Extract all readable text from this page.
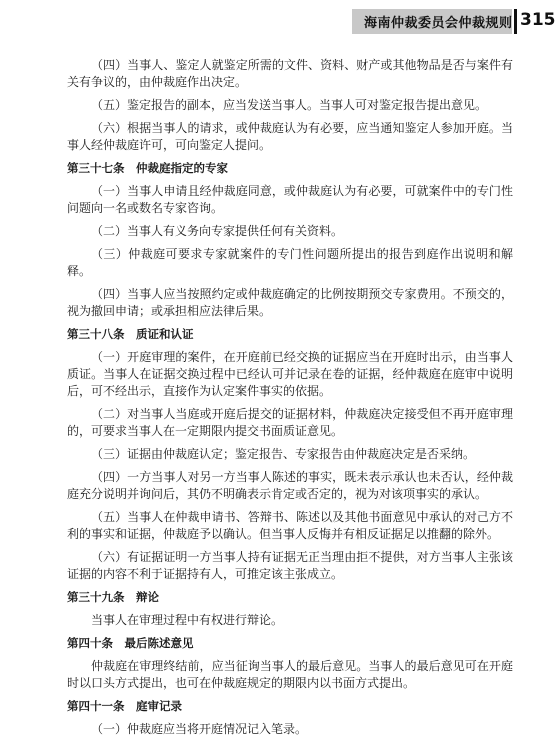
海南仲裁委员会仲裁规则 315

（四）当事人、鉴定人就鉴定所需的文件、资料、财产或其他物品是否与案件有关有争议的，由仲裁庭作出决定。

（五）鉴定报告的副本，应当发送当事人。当事人可对鉴定报告提出意见。

（六）根据当事人的请求，或仲裁庭认为有必要，应当通知鉴定人参加开庭。当事人经仲裁庭许可，可向鉴定人提问。

第三十七条　仲裁庭指定的专家

（一）当事人申请且经仲裁庭同意，或仲裁庭认为有必要，可就案件中的专门性问题向一名或数名专家咨询。

（二）当事人有义务向专家提供任何有关资料。

（三）仲裁庭可要求专家就案件的专门性问题所提出的报告到庭作出说明和解释。

（四）当事人应当按照约定或仲裁庭确定的比例按期预交专家费用。不预交的，视为撤回申请；或承担相应法律后果。

第三十八条　质证和认证

（一）开庭审理的案件，在开庭前已经交换的证据应当在开庭时出示，由当事人质证。当事人在证据交换过程中已经认可并记录在卷的证据，经仲裁庭在庭审中说明后，可不经出示，直接作为认定案件事实的依据。

（二）对当事人当庭或开庭后提交的证据材料，仲裁庭决定接受但不再开庭审理的，可要求当事人在一定期限内提交书面质证意见。

（三）证据由仲裁庭认定；鉴定报告、专家报告由仲裁庭决定是否采纳。

（四）一方当事人对另一方当事人陈述的事实，既未表示承认也未否认，经仲裁庭充分说明并询问后，其仍不明确表示肯定或否定的，视为对该项事实的承认。

（五）当事人在仲裁申请书、答辩书、陈述以及其他书面意见中承认的对己方不利的事实和证据，仲裁庭予以确认。但当事人反悔并有相反证据足以推翻的除外。

（六）有证据证明一方当事人持有证据无正当理由拒不提供，对方当事人主张该证据的内容不利于证据持有人，可推定该主张成立。

第三十九条　辩论

当事人在审理过程中有权进行辩论。

第四十条　最后陈述意见

仲裁庭在审理终结前，应当征询当事人的最后意见。当事人的最后意见可在开庭时以口头方式提出，也可在仲裁庭规定的期限内以书面方式提出。

第四十一条　庭审记录

（一）仲裁庭应当将开庭情况记入笔录。
